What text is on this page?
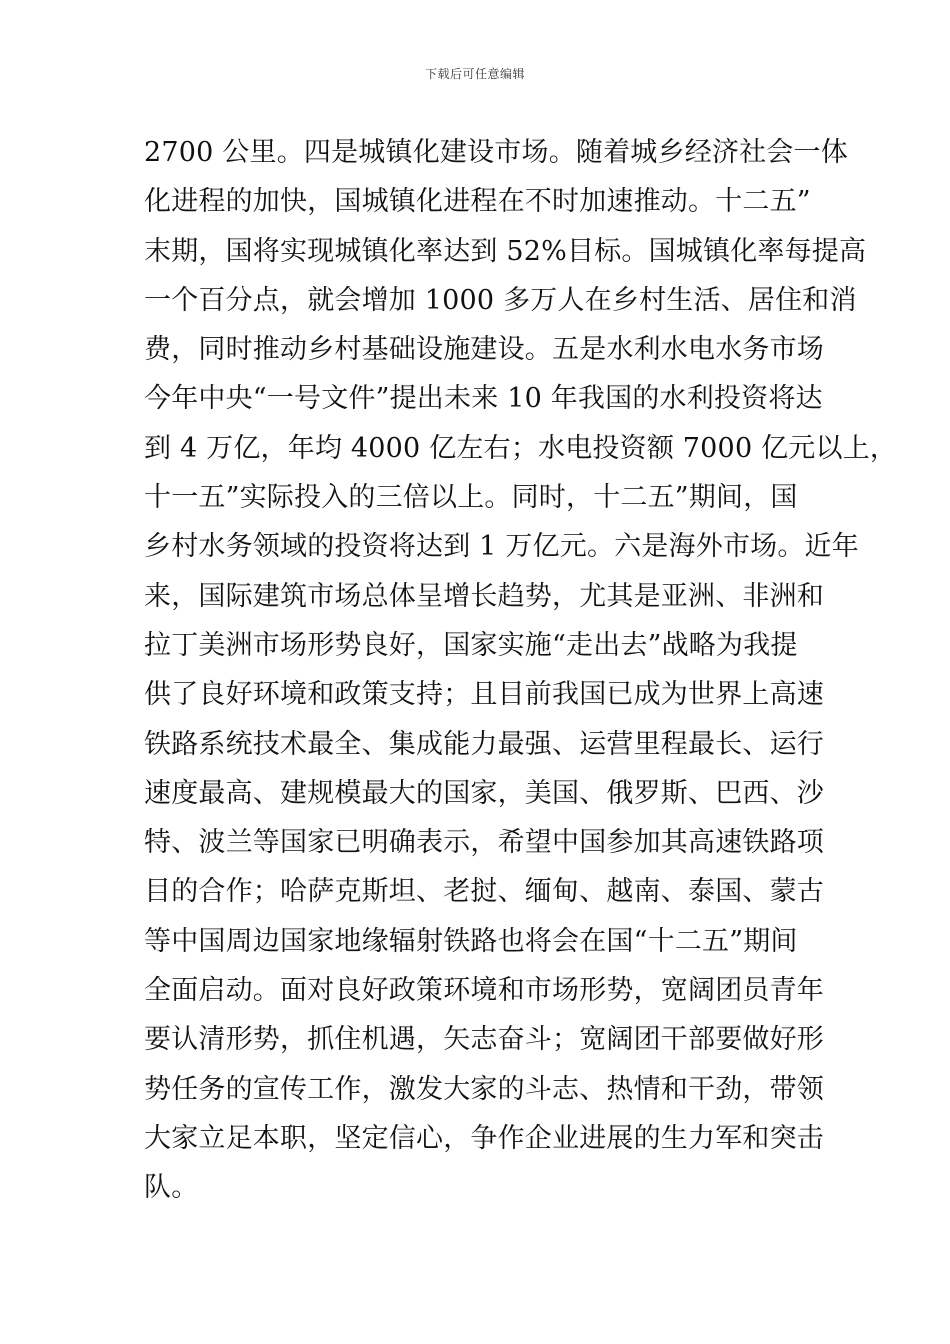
下载后可任意编辑
2700 公里。四是城镇化建设市场。随着城乡经济社会一体
化进程的加快，国城镇化进程在不时加速推动。十二五”
末期，国将实现城镇化率达到 52%目标。国城镇化率每提高
一个百分点，就会增加 1000 多万人在乡村生活、居住和消
费，同时推动乡村基础设施建设。五是水利水电水务市场
今年中央“一号文件”提出未来 10 年我国的水利投资将达
到 4 万亿，年均 4000 亿左右；水电投资额 7000 亿元以上，
十一五”实际投入的三倍以上。同时，十二五”期间，国
乡村水务领域的投资将达到 1 万亿元。六是海外市场。近年
来，国际建筑市场总体呈增长趋势，尤其是亚洲、非洲和
拉丁美洲市场形势良好，国家实施“走出去”战略为我提
供了良好环境和政策支持；且目前我国已成为世界上高速
铁路系统技术最全、集成能力最强、运营里程最长、运行
速度最高、建规模最大的国家，美国、俄罗斯、巴西、沙
特、波兰等国家已明确表示，希望中国参加其高速铁路项
目的合作；哈萨克斯坦、老挝、缅甸、越南、泰国、蒙古
等中国周边国家地缘辐射铁路也将会在国“十二五”期间
全面启动。面对良好政策环境和市场形势，宽阔团员青年
要认清形势，抓住机遇，矢志奋斗；宽阔团干部要做好形
势任务的宣传工作，激发大家的斗志、热情和干劲，带领
大家立足本职，坚定信心，争作企业进展的生力军和突击
队。
